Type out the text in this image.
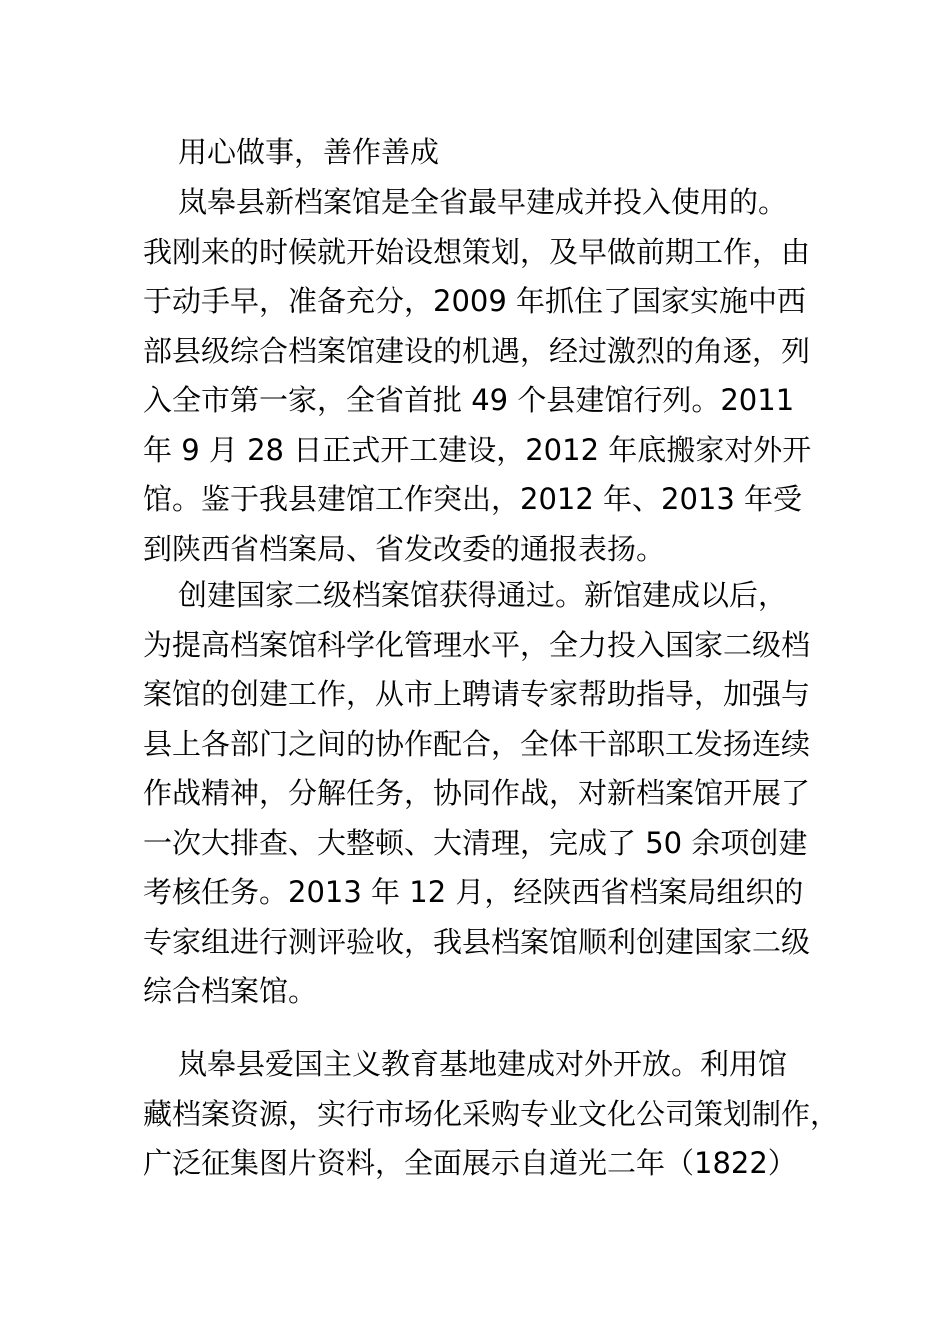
用心做事，善作善成
岚皋县新档案馆是全省最早建成并投入使用的。
我刚来的时候就开始设想策划，及早做前期工作，由
于动手早，准备充分，2009 年抓住了国家实施中西
部县级综合档案馆建设的机遇，经过激烈的角逐，列
入全市第一家，全省首批 49 个县建馆行列。2011
年 9 月 28 日正式开工建设，2012 年底搬家对外开
馆。鉴于我县建馆工作突出，2012 年、2013 年受
到陕西省档案局、省发改委的通报表扬。
创建国家二级档案馆获得通过。新馆建成以后，
为提高档案馆科学化管理水平，全力投入国家二级档
案馆的创建工作，从市上聘请专家帮助指导，加强与
县上各部门之间的协作配合，全体干部职工发扬连续
作战精神，分解任务，协同作战，对新档案馆开展了
一次大排查、大整顿、大清理，完成了 50 余项创建
考核任务。2013 年 12 月，经陕西省档案局组织的
专家组进行测评验收，我县档案馆顺利创建国家二级
综合档案馆。
岚皋县爱国主义教育基地建成对外开放。利用馆
藏档案资源，实行市场化采购专业文化公司策划制作，
广泛征集图片资料，全面展示自道光二年（1822）
